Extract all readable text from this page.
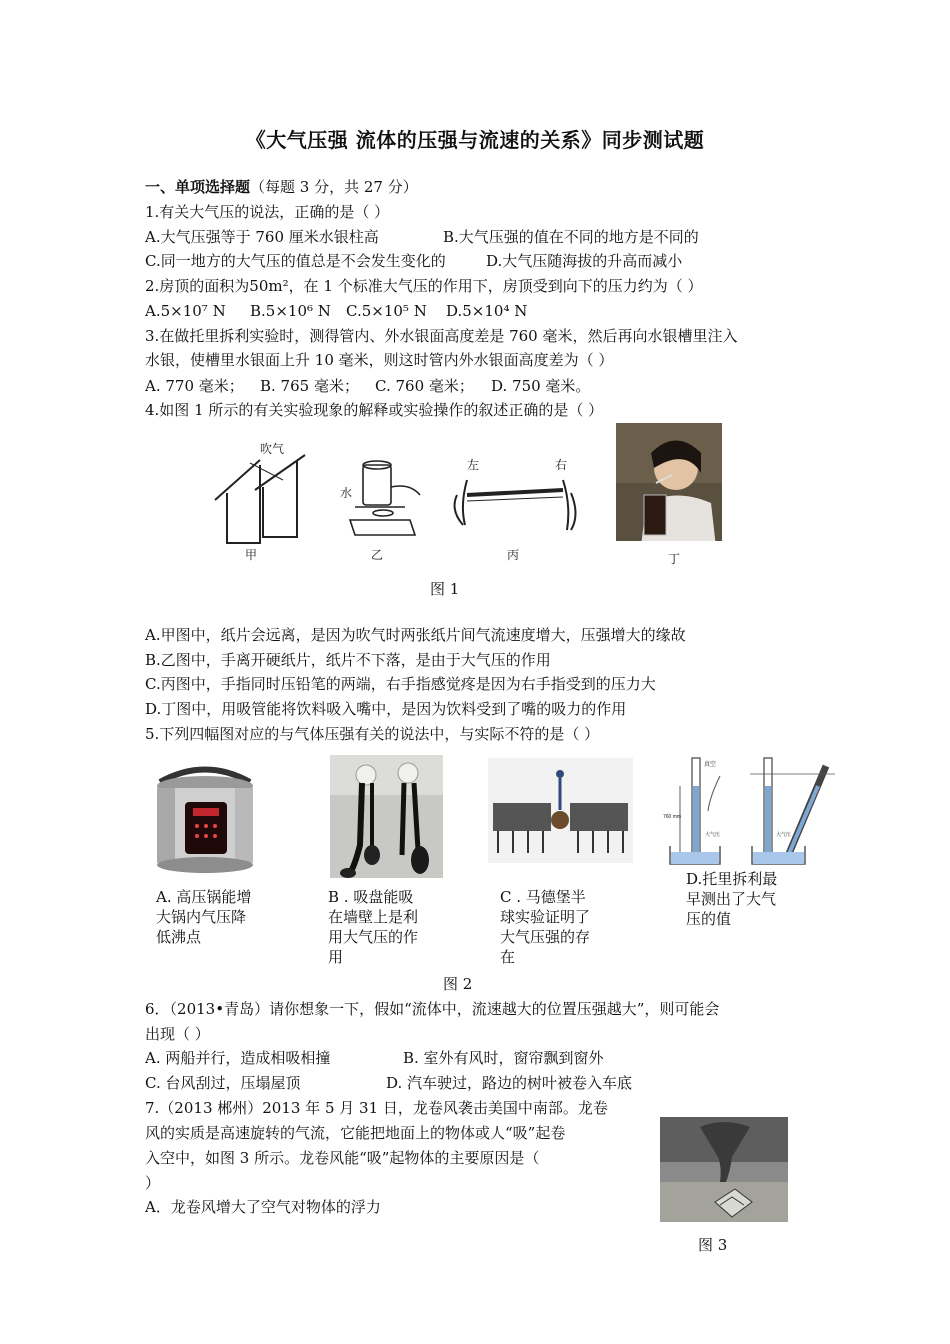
《大气压强 流体的压强与流速的关系》同步测试题
一、单项选择题（每题 3 分，共 27 分）
1.有关大气压的说法，正确的是（ ）
A.大气压强等于 760 厘米水银柱高	B.大气压强的值在不同的地方是不同的
C.同一地方的大气压的值总是不会发生变化的	D.大气压随海拔的升高而减小
2.房顶的面积为50m²，在 1 个标准大气压的作用下，房顶受到向下的压力约为（ ）
A.5×10⁷ N B.5×10⁶ N C.5×10⁵ N D.5×10⁴ N
3.在做托里拆利实验时，测得管内、外水银面高度差是 760 毫米，然后再向水银槽里注入
水银，使槽里水银面上升 10 毫米，则这时管内外水银面高度差为（ ）
A. 770 毫米； B. 765 毫米； C. 760 毫米； D. 750 毫米。
4.如图 1 所示的有关实验现象的解释或实验操作的叙述正确的是（ ）
吹气
甲
水
乙
左	右
丙	丁
图 1
A.甲图中，纸片会远离，是因为吹气时两张纸片间气流速度增大，压强增大的缘故
B.乙图中，手离开硬纸片，纸片不下落，是由于大气压的作用
C.丙图中，手指同时压铅笔的两端，右手指感觉疼是因为右手指受到的压力大
D.丁图中，用吸管能将饮料吸入嘴中，是因为饮料受到了嘴的吸力的作用
5.下列四幅图对应的与气体压强有关的说法中，与实际不符的是（ ）
真空
760 mm
大气压	大气压
A. 高压锅能增
大锅内气压降
低沸点
B . 吸盘能吸
在墙壁上是利
用大气压的作
用
C . 马德堡半
球实验证明了
大气压强的存
在
D.托里拆利最
早测出了大气
压的值
图 2
6．（2013•青岛）请你想象一下，假如“流体中，流速越大的位置压强越大”，则可能会
出现（ ）
A. 两船并行，造成相吸相撞	B. 室外有风时，窗帘飘到窗外
C. 台风刮过，压塌屋顶	D. 汽车驶过，路边的树叶被卷入车底
7.（2013 郴州）2013 年 5 月 31 日，龙卷风袭击美国中南部。龙卷
风的实质是高速旋转的气流，它能把地面上的物体或人“吸”起卷
入空中，如图 3 所示。龙卷风能“吸”起物体的主要原因是（
）
A．龙卷风增大了空气对物体的浮力
图 3
